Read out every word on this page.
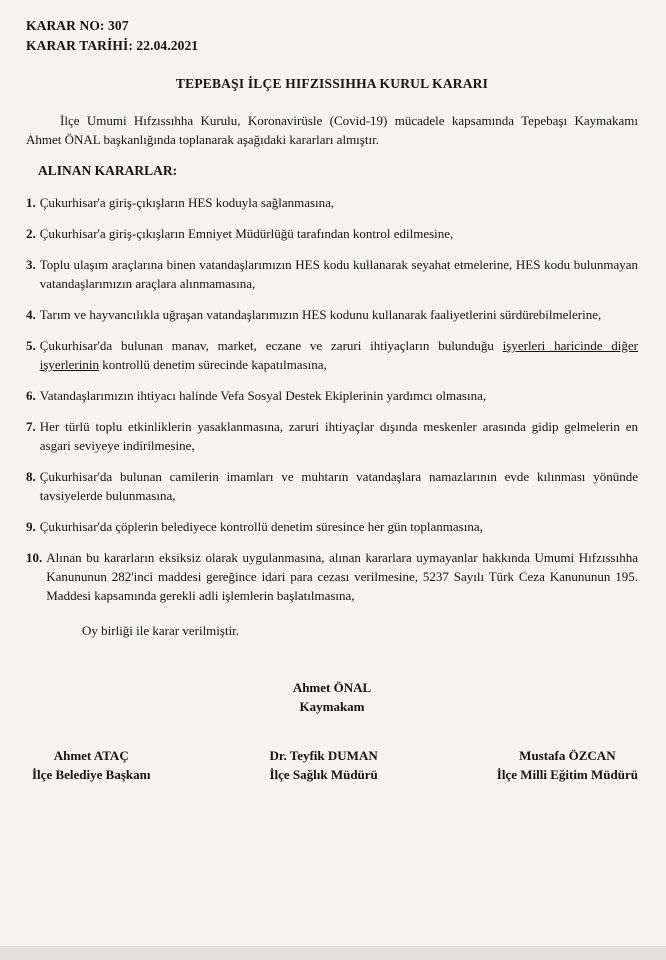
KARAR NO: 307
KARAR TARİHİ: 22.04.2021
TEPEBAŞI İLÇE HIFZISSIHHA KURUL KARARI

İlçe Umumi Hıfzıssıhha Kurulu, Koronavirüsle (Covid-19) mücadele kapsamında Tepebaşı Kaymakamı Ahmet ÖNAL başkanlığında toplanarak aşağıdaki kararları almıştır.

ALINAN KARARLAR:
1. Çukurhisar'a giriş-çıkışların HES koduyla sağlanmasına,
2. Çukurhisar'a giriş-çıkışların Emniyet Müdürlüğü tarafından kontrol edilmesine,
3. Toplu ulaşım araçlarına binen vatandaşlarımızın HES kodu kullanarak seyahat etmelerine, HES kodu bulunmayan vatandaşlarımızın araçlara alınmamasına,
4. Tarım ve hayvancılıkla uğraşan vatandaşlarımızın HES kodunu kullanarak faaliyetlerini sürdürebilmelerine,
5. Çukurhisar'da bulunan manav, market, eczane ve zaruri ihtiyaçların bulunduğu işyerleri haricinde diğer işyerlerinin kontrollü denetim sürecinde kapatılmasına,
6. Vatandaşlarımızın ihtiyacı halinde Vefa Sosyal Destek Ekiplerinin yardımcı olmasına,
7. Her türlü toplu etkinliklerin yasaklanmasına, zaruri ihtiyaçlar dışında meskenler arasında gidip gelmelerin en asgari seviyeye indirilmesine,
8. Çukurhisar'da bulunan camilerin imamları ve muhtarın vatandaşlara namazlarının evde kılınması yönünde tavsiyelerde bulunmasına,
9. Çukurhisar'da çöplerin belediyece kontrollü denetim süresince her gün toplanmasına,
10. Alınan bu kararların eksiksiz olarak uygulanmasına, alınan kararlara uymayanlar hakkında Umumi Hıfzıssıhha Kanununun 282'inci maddesi gereğince idari para cezası verilmesine, 5237 Sayılı Türk Ceza Kanununun 195. Maddesi kapsamında gerekli adli işlemlerin başlatılmasına,
Oy birliği ile karar verilmiştir.
Ahmet ÖNAL
Kaymakam
Ahmet ATAÇ
İlçe Belediye Başkanı
Dr. Teyfik DUMAN
İlçe Sağlık Müdürü
Mustafa ÖZCAN
İlçe Milli Eğitim Müdürü
